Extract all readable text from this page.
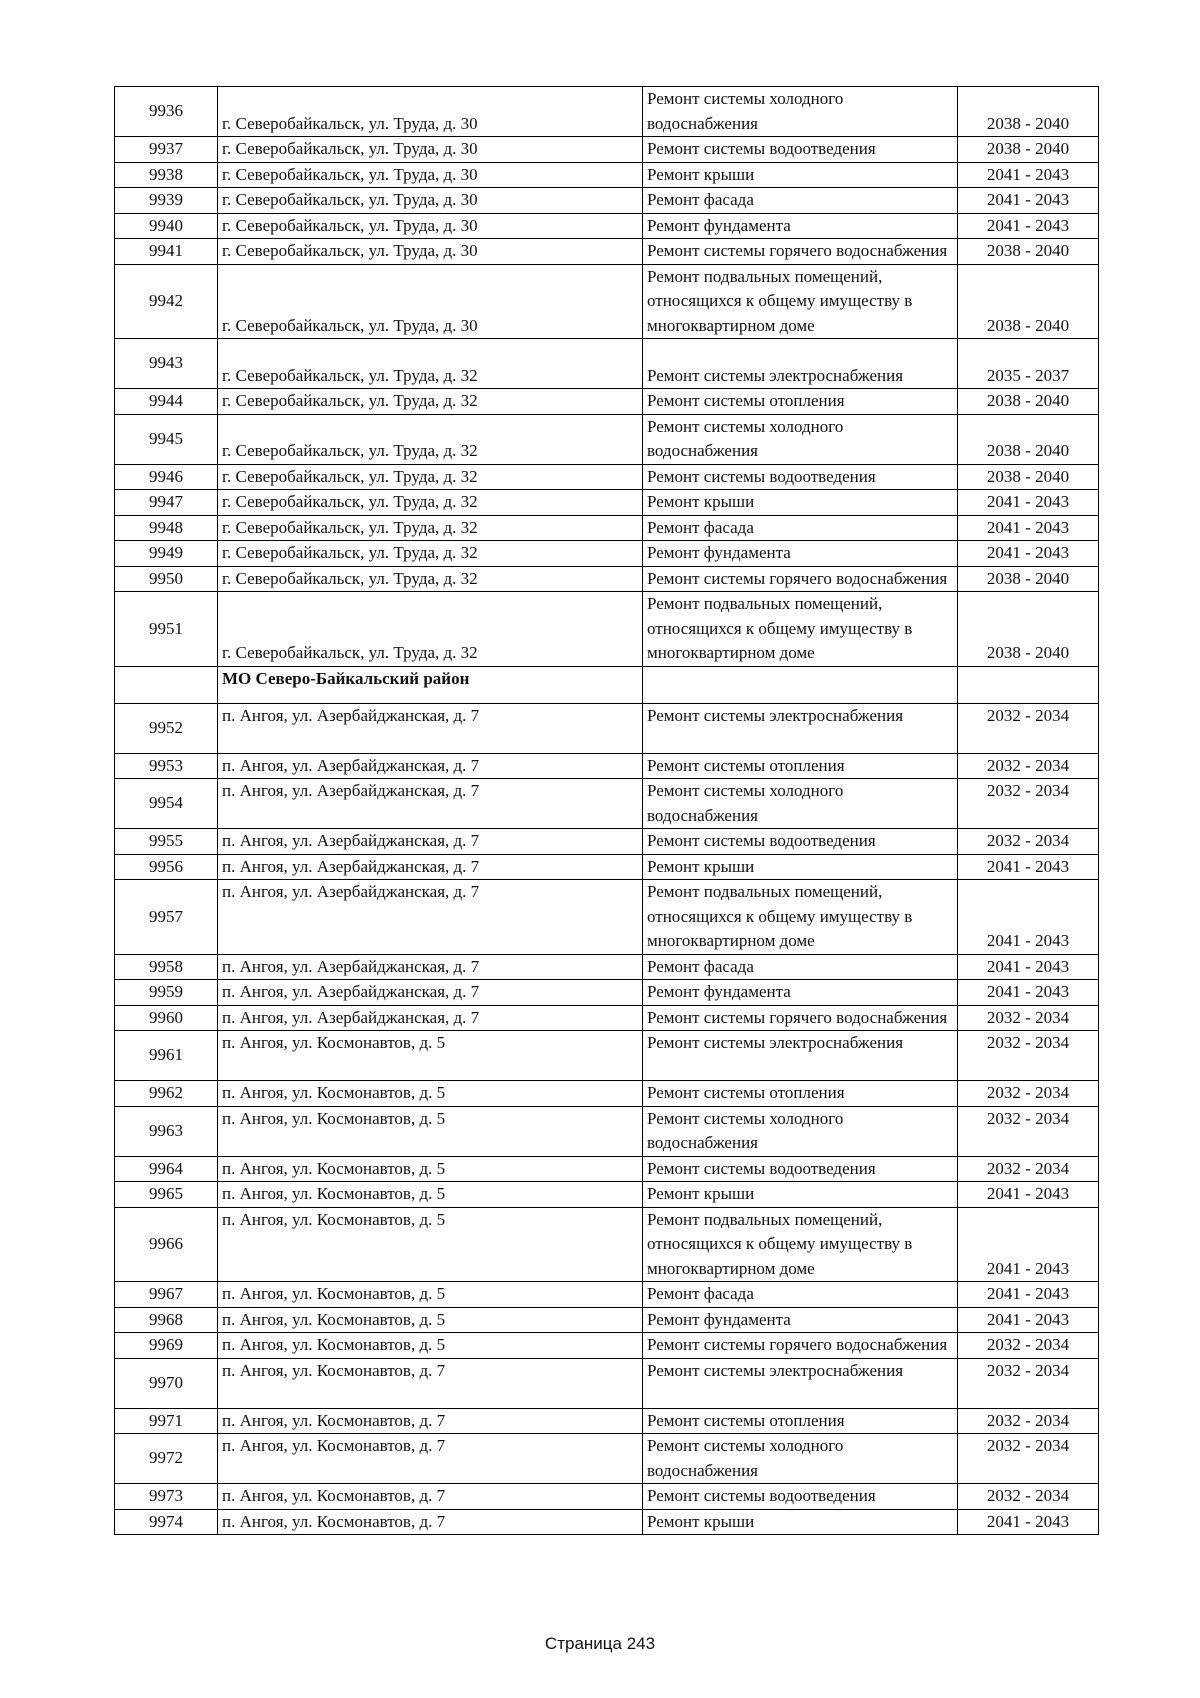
9936	г. Северобайкальск, ул. Труда, д. 30	Ремонт системы холодного водоснабжения	2038 - 2040
9937	г. Северобайкальск, ул. Труда, д. 30	Ремонт системы водоотведения	2038 - 2040
9938	г. Северобайкальск, ул. Труда, д. 30	Ремонт крыши	2041 - 2043
9939	г. Северобайкальск, ул. Труда, д. 30	Ремонт фасада	2041 - 2043
9940	г. Северобайкальск, ул. Труда, д. 30	Ремонт фундамента	2041 - 2043
9941	г. Северобайкальск, ул. Труда, д. 30	Ремонт системы горячего водоснабжения	2038 - 2040
9942	г. Северобайкальск, ул. Труда, д. 30	Ремонт подвальных помещений, относящихся к общему имуществу в многоквартирном доме	2038 - 2040
9943	г. Северобайкальск, ул. Труда, д. 32	Ремонт системы электроснабжения	2035 - 2037
9944	г. Северобайкальск, ул. Труда, д. 32	Ремонт системы отопления	2038 - 2040
9945	г. Северобайкальск, ул. Труда, д. 32	Ремонт системы холодного водоснабжения	2038 - 2040
9946	г. Северобайкальск, ул. Труда, д. 32	Ремонт системы водоотведения	2038 - 2040
9947	г. Северобайкальск, ул. Труда, д. 32	Ремонт крыши	2041 - 2043
9948	г. Северобайкальск, ул. Труда, д. 32	Ремонт фасада	2041 - 2043
9949	г. Северобайкальск, ул. Труда, д. 32	Ремонт фундамента	2041 - 2043
9950	г. Северобайкальск, ул. Труда, д. 32	Ремонт системы горячего водоснабжения	2038 - 2040
9951	г. Северобайкальск, ул. Труда, д. 32	Ремонт подвальных помещений, относящихся к общему имуществу в многоквартирном доме	2038 - 2040
	МО Северо-Байкальский район		
9952	п. Ангоя, ул. Азербайджанская, д. 7	Ремонт системы электроснабжения	2032 - 2034
9953	п. Ангоя, ул. Азербайджанская, д. 7	Ремонт системы отопления	2032 - 2034
9954	п. Ангоя, ул. Азербайджанская, д. 7	Ремонт системы холодного водоснабжения	2032 - 2034
9955	п. Ангоя, ул. Азербайджанская, д. 7	Ремонт системы водоотведения	2032 - 2034
9956	п. Ангоя, ул. Азербайджанская, д. 7	Ремонт крыши	2041 - 2043
9957	п. Ангоя, ул. Азербайджанская, д. 7	Ремонт подвальных помещений, относящихся к общему имуществу в многоквартирном доме	2041 - 2043
9958	п. Ангоя, ул. Азербайджанская, д. 7	Ремонт фасада	2041 - 2043
9959	п. Ангоя, ул. Азербайджанская, д. 7	Ремонт фундамента	2041 - 2043
9960	п. Ангоя, ул. Азербайджанская, д. 7	Ремонт системы горячего водоснабжения	2032 - 2034
9961	п. Ангоя, ул. Космонавтов, д. 5	Ремонт системы электроснабжения	2032 - 2034
9962	п. Ангоя, ул. Космонавтов, д. 5	Ремонт системы отопления	2032 - 2034
9963	п. Ангоя, ул. Космонавтов, д. 5	Ремонт системы холодного водоснабжения	2032 - 2034
9964	п. Ангоя, ул. Космонавтов, д. 5	Ремонт системы водоотведения	2032 - 2034
9965	п. Ангоя, ул. Космонавтов, д. 5	Ремонт крыши	2041 - 2043
9966	п. Ангоя, ул. Космонавтов, д. 5	Ремонт подвальных помещений, относящихся к общему имуществу в многоквартирном доме	2041 - 2043
9967	п. Ангоя, ул. Космонавтов, д. 5	Ремонт фасада	2041 - 2043
9968	п. Ангоя, ул. Космонавтов, д. 5	Ремонт фундамента	2041 - 2043
9969	п. Ангоя, ул. Космонавтов, д. 5	Ремонт системы горячего водоснабжения	2032 - 2034
9970	п. Ангоя, ул. Космонавтов, д. 7	Ремонт системы электроснабжения	2032 - 2034
9971	п. Ангоя, ул. Космонавтов, д. 7	Ремонт системы отопления	2032 - 2034
9972	п. Ангоя, ул. Космонавтов, д. 7	Ремонт системы холодного водоснабжения	2032 - 2034
9973	п. Ангоя, ул. Космонавтов, д. 7	Ремонт системы водоотведения	2032 - 2034
9974	п. Ангоя, ул. Космонавтов, д. 7	Ремонт крыши	2041 - 2043
Страница 243
